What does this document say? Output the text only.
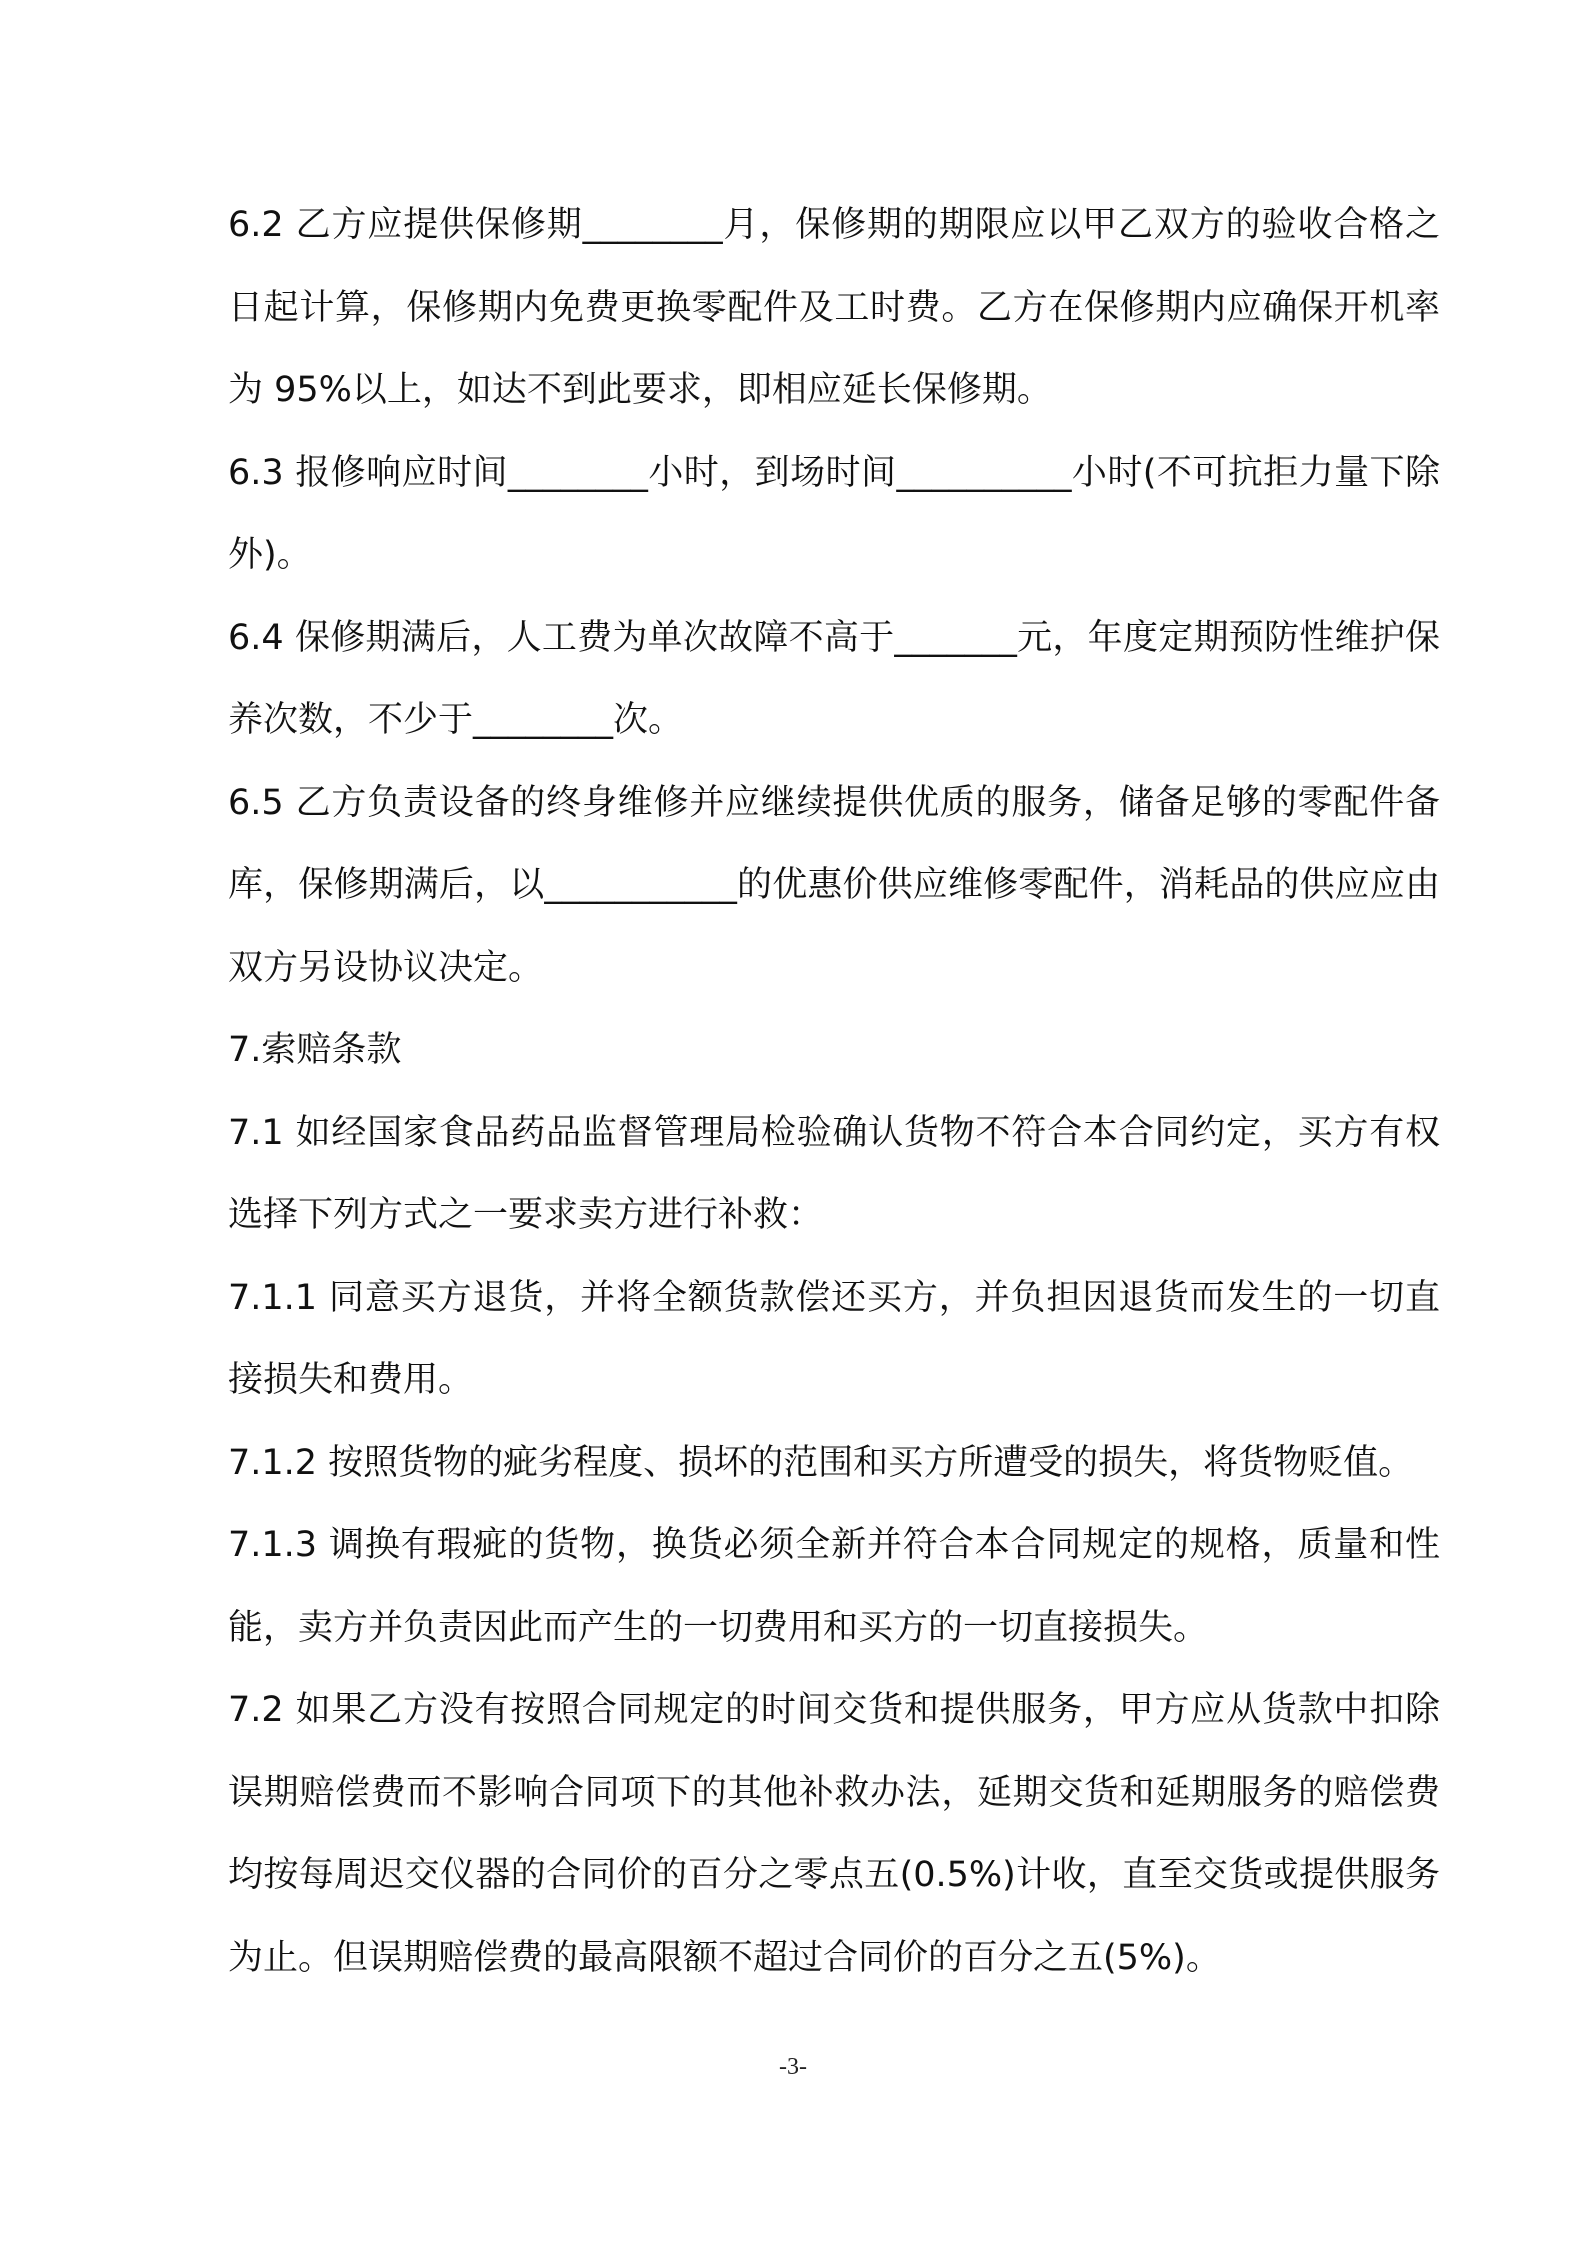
6.2 乙方应提供保修期________月，保修期的期限应以甲乙双方的验收合格之日起计算，保修期内免费更换零配件及工时费。乙方在保修期内应确保开机率为 95%以上，如达不到此要求，即相应延长保修期。

6.3 报修响应时间________小时，到场时间__________小时(不可抗拒力量下除外)。

6.4 保修期满后，人工费为单次故障不高于_______元，年度定期预防性维护保养次数，不少于________次。

6.5 乙方负责设备的终身维修并应继续提供优质的服务，储备足够的零配件备库，保修期满后，以___________的优惠价供应维修零配件，消耗品的供应应由双方另设协议决定。

7.索赔条款

7.1 如经国家食品药品监督管理局检验确认货物不符合本合同约定，买方有权选择下列方式之一要求卖方进行补救：

7.1.1 同意买方退货，并将全额货款偿还买方，并负担因退货而发生的一切直接损失和费用。

7.1.2 按照货物的疵劣程度、损坏的范围和买方所遭受的损失，将货物贬值。

7.1.3 调换有瑕疵的货物，换货必须全新并符合本合同规定的规格，质量和性能，卖方并负责因此而产生的一切费用和买方的一切直接损失。

7.2 如果乙方没有按照合同规定的时间交货和提供服务，甲方应从货款中扣除误期赔偿费而不影响合同项下的其他补救办法，延期交货和延期服务的赔偿费均按每周迟交仪器的合同价的百分之零点五(0.5%)计收，直至交货或提供服务为止。但误期赔偿费的最高限额不超过合同价的百分之五(5%)。

-3-
